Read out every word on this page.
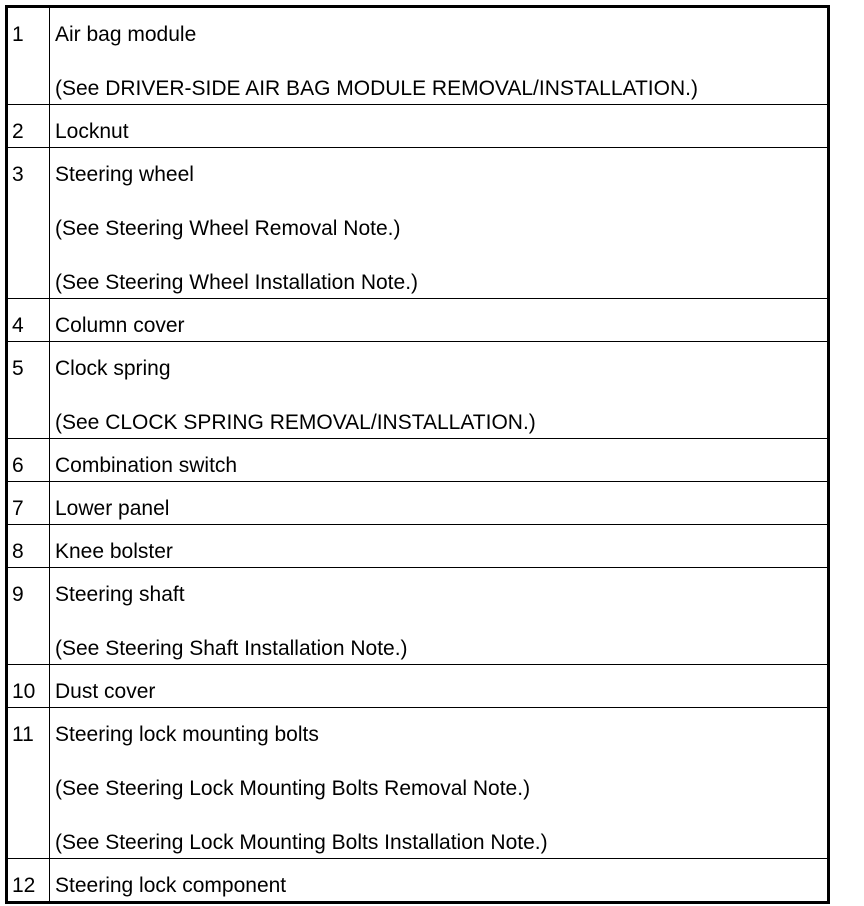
1	Air bag module
(See DRIVER-SIDE AIR BAG MODULE REMOVAL/INSTALLATION.)

2	Locknut

3	Steering wheel
(See Steering Wheel Removal Note.)
(See Steering Wheel Installation Note.)

4	Column cover

5	Clock spring
(See CLOCK SPRING REMOVAL/INSTALLATION.)

6	Combination switch

7	Lower panel

8	Knee bolster

9	Steering shaft
(See Steering Shaft Installation Note.)

10	Dust cover

11	Steering lock mounting bolts
(See Steering Lock Mounting Bolts Removal Note.)
(See Steering Lock Mounting Bolts Installation Note.)

12	Steering lock component
